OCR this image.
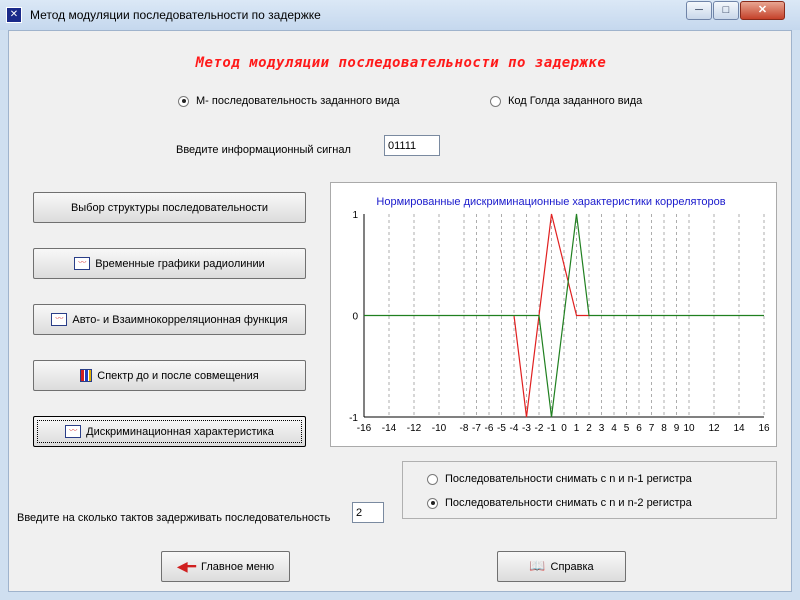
✕ Метод модуляции последовательности по задержке	─	□	✕
Метод модуляции последовательности по задержке
М- последовательность заданного вида	Код Голда заданного вида
Введите информационный сигнал
01111
Выбор структуры последовательности
〰 Временные графики радиолинии
〰 Авто- и Взаимнокорреляционная функция
Спектр до и после совмещения
〰 Дискриминационная характеристика
Нормированные дискриминационные характеристики корреляторов
-16 -14 -12 -10 -8 -7 -6 -5 -4 -3 -2 -1 0 1 2 3 4 5 6 7 8 9 10 12 14 16
1
0
-1
Последовательности снимать с n и n-1 регистра
Последовательности снимать с n и n-2 регистра
Введите на сколько тактов задерживать последовательность
2
◀━ Главное меню	📖 Справка
